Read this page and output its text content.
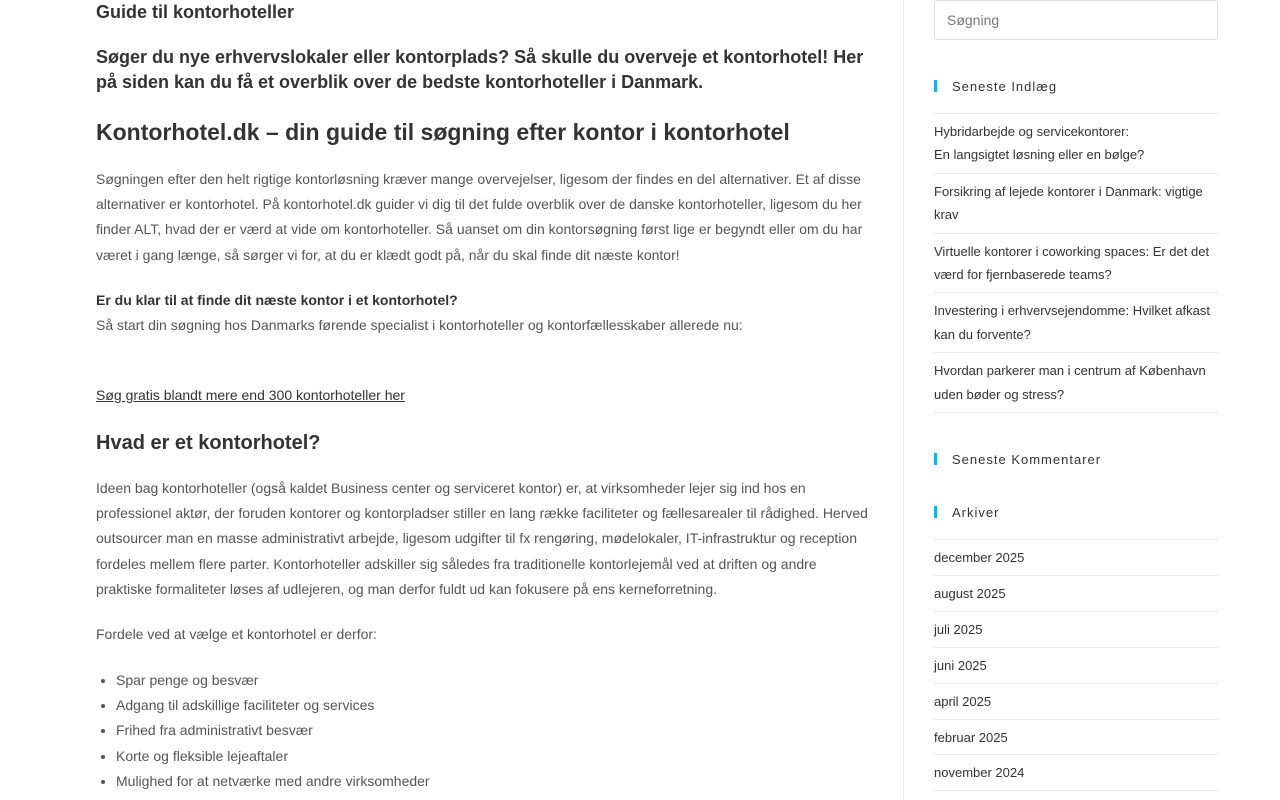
Guide til kontorhoteller

Søger du nye erhvervslokaler eller kontorplads? Så skulle du overveje et kontorhotel! Her på siden kan du få et overblik over de bedste kontorhoteller i Danmark.

Kontorhotel.dk – din guide til søgning efter kontor i kontorhotel

Søgningen efter den helt rigtige kontorløsning kræver mange overvejelser, ligesom der findes en del alternativer. Et af disse alternativer er kontorhotel. På kontorhotel.dk guider vi dig til det fulde overblik over de danske kontorhoteller, ligesom du her finder ALT, hvad der er værd at vide om kontorhoteller. Så uanset om din kontorsøgning først lige er begyndt eller om du har været i gang længe, så sørger vi for, at du er klædt godt på, når du skal finde dit næste kontor!

Er du klar til at finde dit næste kontor i et kontorhotel?
Så start din søgning hos Danmarks førende specialist i kontorhoteller og kontorfællesskaber allerede nu:

Søg gratis blandt mere end 300 kontorhoteller her

Hvad er et kontorhotel?

Ideen bag kontorhoteller (også kaldet Business center og serviceret kontor) er, at virksomheder lejer sig ind hos en professionel aktør, der foruden kontorer og kontorpladser stiller en lang række faciliteter og fællesarealer til rådighed. Herved outsourcer man en masse administrativt arbejde, ligesom udgifter til fx rengøring, mødelokaler, IT-infrastruktur og reception fordeles mellem flere parter. Kontorhoteller adskiller sig således fra traditionelle kontorlejemål ved at driften og andre praktiske formaliteter løses af udlejeren, og man derfor fuldt ud kan fokusere på ens kerneforretning.

Fordele ved at vælge et kontorhotel er derfor:

• Spar penge og besvær
• Adgang til adskillige faciliteter og services
• Frihed fra administrativt besvær
• Korte og fleksible lejeaftaler
• Mulighed for at netværke med andre virksomheder
Søgning
Seneste Indlæg
Hybridarbejde og servicekontorer:
En langsigtet løsning eller en bølge?
Forsikring af lejede kontorer i Danmark: vigtige krav
Virtuelle kontorer i coworking spaces: Er det det værd for fjernbaserede teams?
Investering i erhvervsejendomme: Hvilket afkast kan du forvente?
Hvordan parkerer man i centrum af København uden bøder og stress?
Seneste Kommentarer
Arkiver
december 2025
august 2025
juli 2025
juni 2025
april 2025
februar 2025
november 2024
